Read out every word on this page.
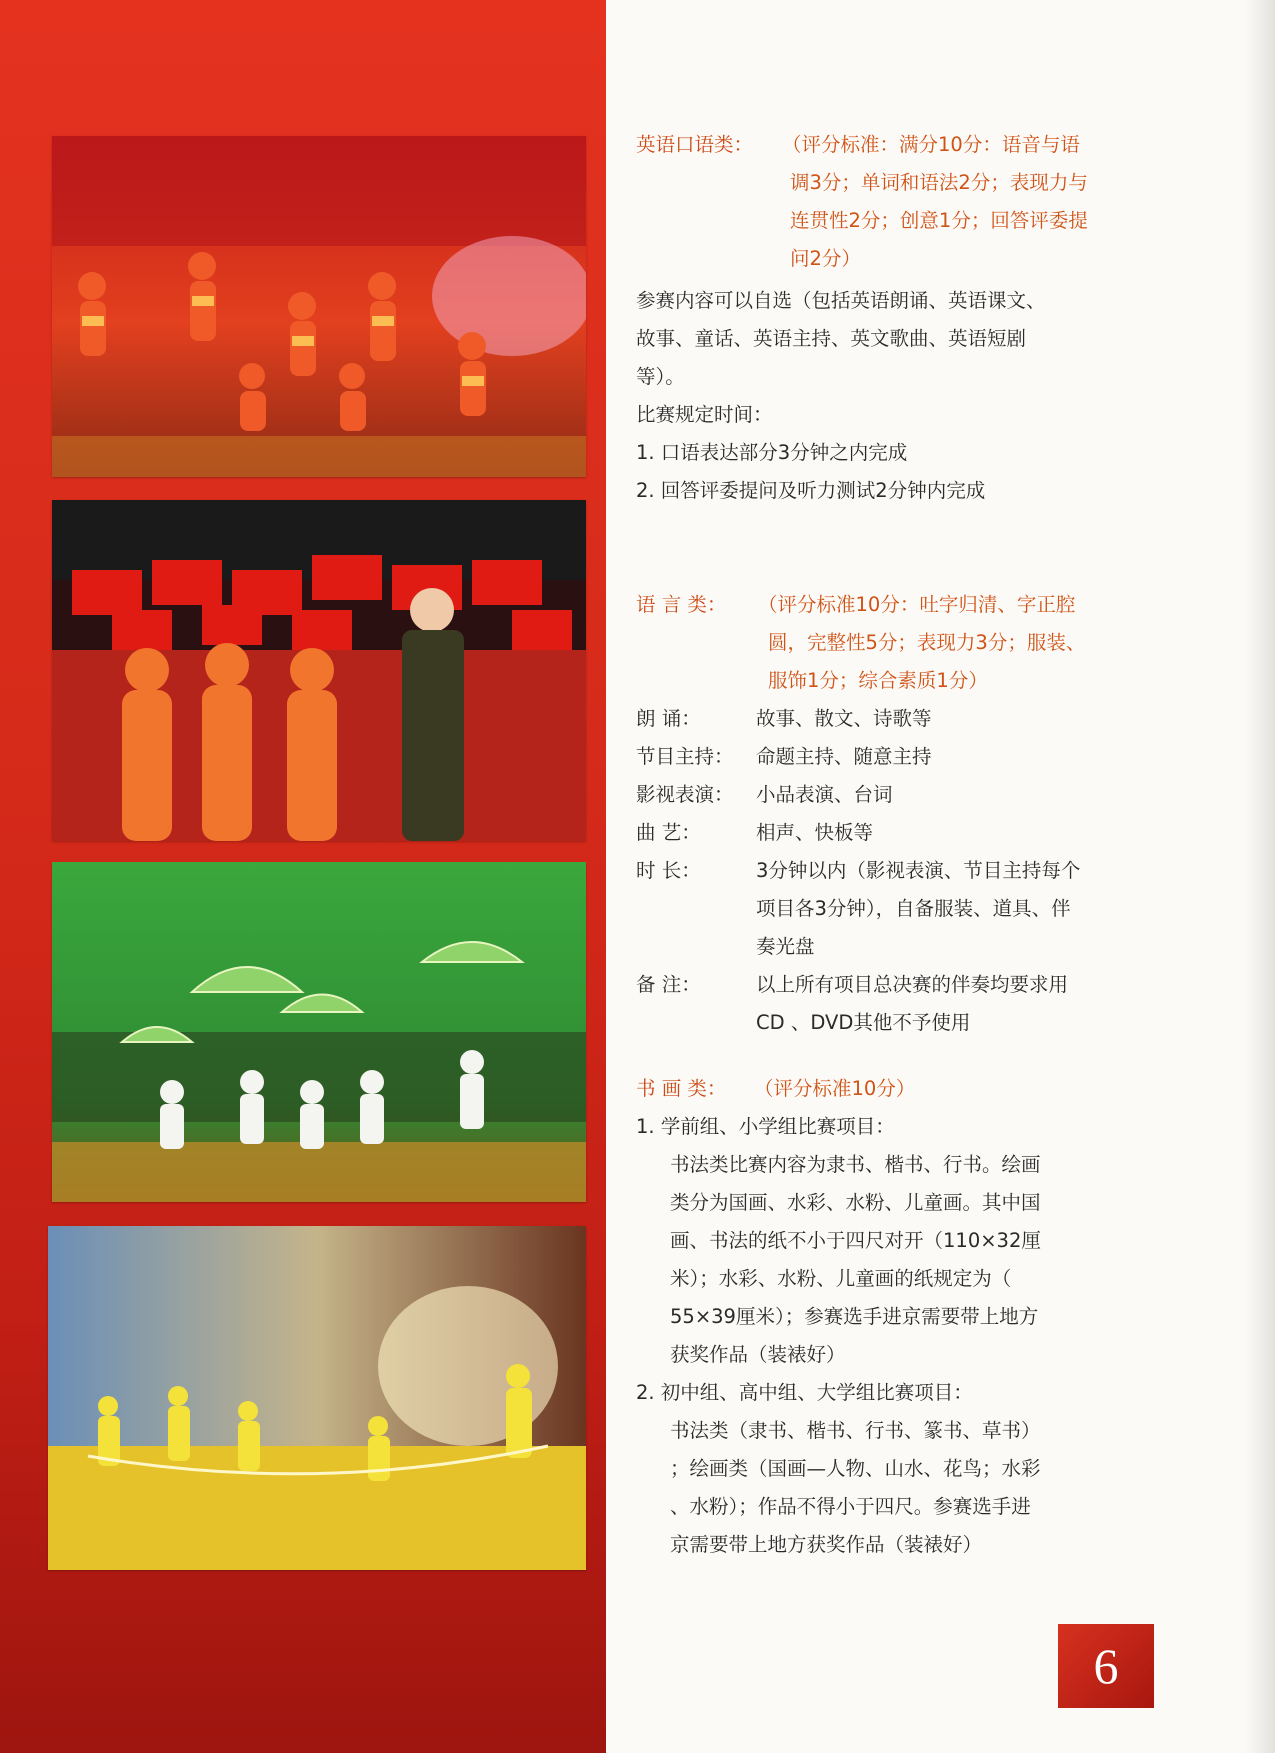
英语口语类： （评分标准：满分10分：语音与语
调3分；单词和语法2分；表现力与
连贯性2分；创意1分；回答评委提
问2分）
参赛内容可以自选（包括英语朗诵、英语课文、
故事、童话、英语主持、英文歌曲、英语短剧
等）。
比赛规定时间：
1. 口语表达部分3分钟之内完成
2. 回答评委提问及听力测试2分钟内完成
语 言 类： （评分标准10分：吐字归清、字正腔
圆，完整性5分；表现力3分；服装、
服饰1分；综合素质1分）
朗 诵：	故事、散文、诗歌等
节目主持： 命题主持、随意主持
影视表演： 小品表演、台词
曲 艺：	相声、快板等
时 长：	3分钟以内（影视表演、节目主持每个
项目各3分钟），自备服装、道具、伴
奏光盘
备 注：	以上所有项目总决赛的伴奏均要求用
CD 、DVD其他不予使用
书 画 类： （评分标准10分）
1. 学前组、小学组比赛项目：
书法类比赛内容为隶书、楷书、行书。绘画
类分为国画、水彩、水粉、儿童画。其中国
画、书法的纸不小于四尺对开（110×32厘
米）；水彩、水粉、儿童画的纸规定为（
55×39厘米）；参赛选手进京需要带上地方
获奖作品（装裱好）
2. 初中组、高中组、大学组比赛项目：
书法类（隶书、楷书、行书、篆书、草书）
；绘画类（国画—人物、山水、花鸟；水彩
、水粉）；作品不得小于四尺。参赛选手进
京需要带上地方获奖作品（装裱好）
6
